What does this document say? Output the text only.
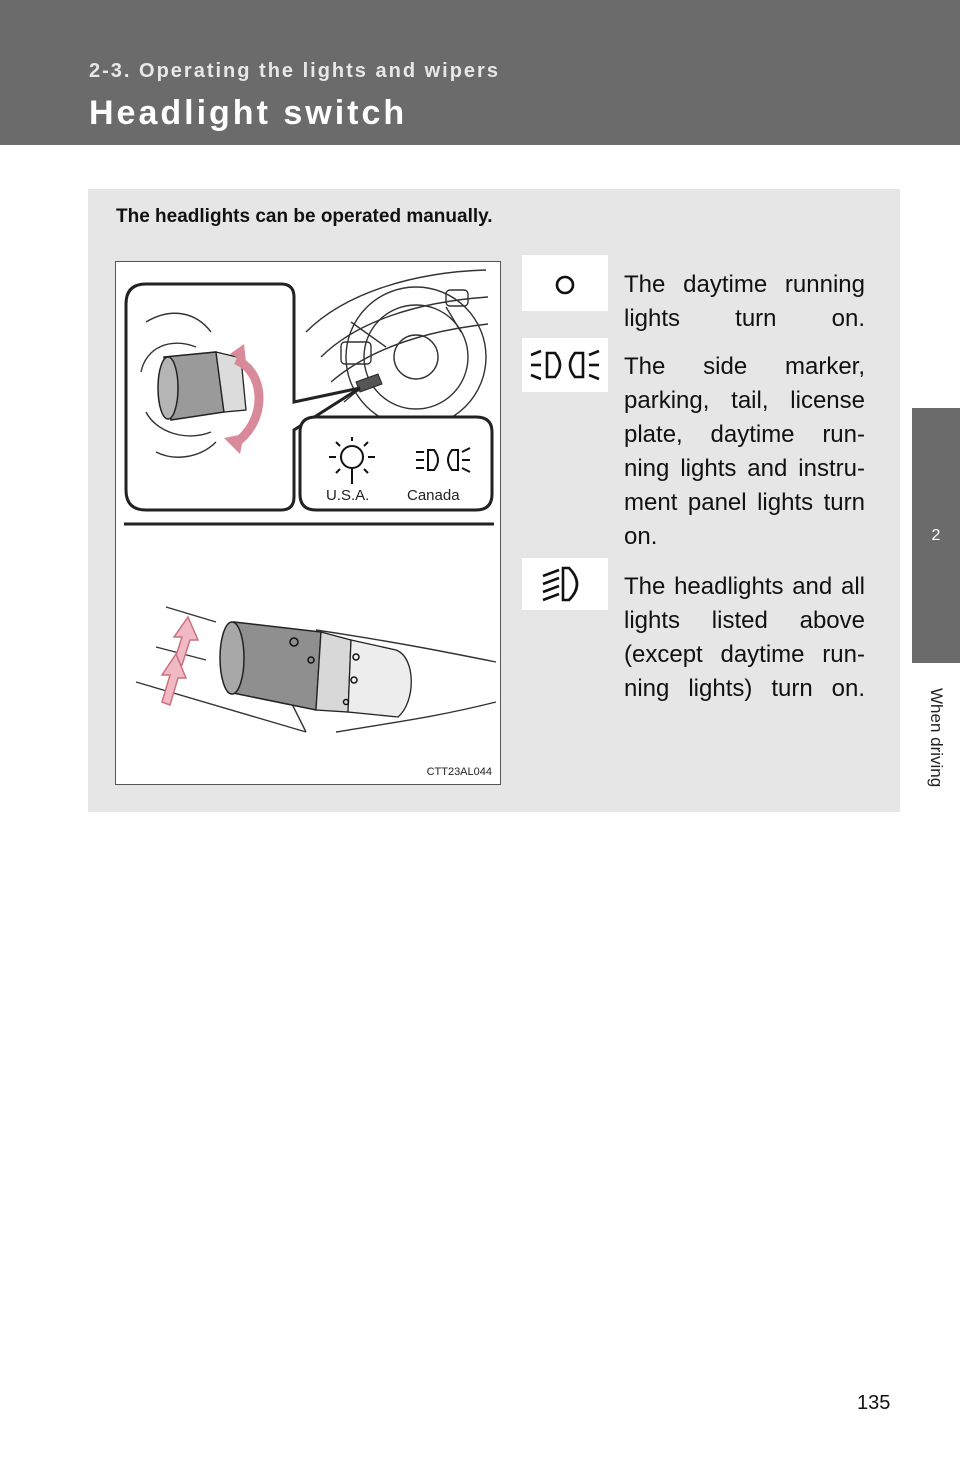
2-3. Operating the lights and wipers
Headlight switch
2
When driving
The headlights can be operated manually.
U.S.A.	Canada
CTT23AL044
The daytime running lights turn on.
The side marker, parking, tail, license plate, daytime run-ning lights and instru-ment panel lights turn on.
The headlights and all lights listed above (except daytime run-ning lights) turn on.
135
